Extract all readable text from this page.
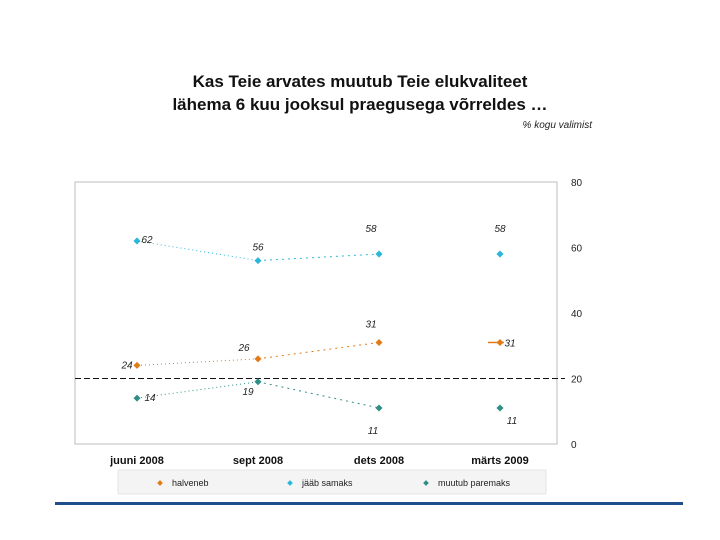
Kas Teie arvates muutub Teie elukvaliteet
lähema 6 kuu jooksul praegusega võrreldes …
% kogu valimist
0
20
40
60
80
juuni 2008	sept 2008	dets 2008	märts 2009
24
26
31
31
62
56
58	58
14
19
11
11
halveneb	jääb samaks	muutub paremaks
